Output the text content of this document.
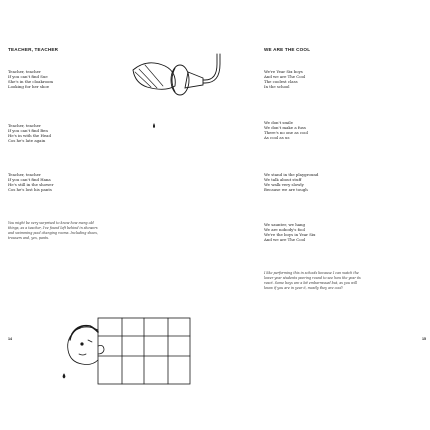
TEACHER, TEACHER
Teacher, teacher
If you can't find Sue
She's in the cloakroom
Looking for her shoe
Teacher, teacher
If you can't find Ben
He's in with the Head
Cos he's late again
Teacher, teacher
If you can't find Hana
He's still in the shower
Cos he's lost his pants
You might be very surprised to know how many old
things, as a teacher, I've found left behind in showers
and swimming pool changing rooms. Including shoes,
trousers and, yes, pants.
14
WE ARE THE COOL
We're Year Six boys
And we are The Cool
The coolest class
In the school
We don't smile
We don't make a fuss
There's no one as cool
As cool as us
We stand in the playground
We talk about stuff
We walk very slowly
Because we are tough
We saunter, we hang
We are nobody's fool
We're the boys in Year Six
And we are The Cool
I like performing this in schools because I can watch the
lower year students peering round to see how the year 6s
react. Some boys are a bit embarrassed but, as you will
know if you are in year 6, mostly they are cool!
15
